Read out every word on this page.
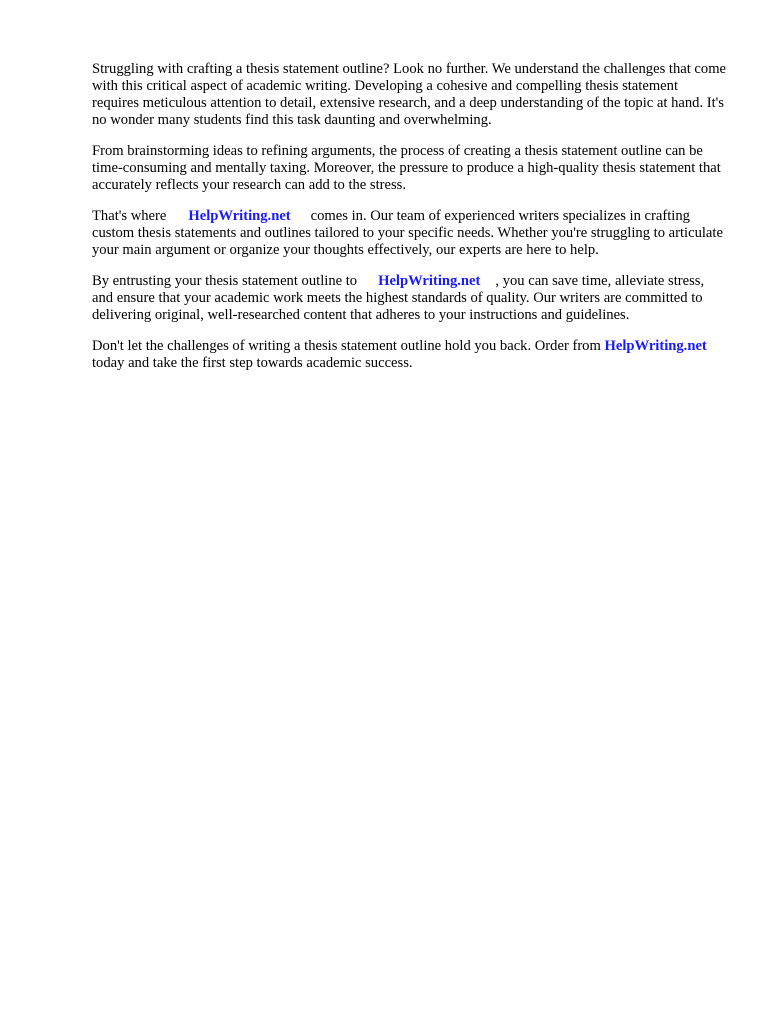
Struggling with crafting a thesis statement outline? Look no further. We understand the challenges that come with this critical aspect of academic writing. Developing a cohesive and compelling thesis statement requires meticulous attention to detail, extensive research, and a deep understanding of the topic at hand. It's no wonder many students find this task daunting and overwhelming.

From brainstorming ideas to refining arguments, the process of creating a thesis statement outline can be time-consuming and mentally taxing. Moreover, the pressure to produce a high-quality thesis statement that accurately reflects your research can add to the stress.

That's where HelpWriting.net comes in. Our team of experienced writers specializes in crafting custom thesis statements and outlines tailored to your specific needs. Whether you're struggling to articulate your main argument or organize your thoughts effectively, our experts are here to help.

By entrusting your thesis statement outline to HelpWriting.net , you can save time, alleviate stress, and ensure that your academic work meets the highest standards of quality. Our writers are committed to delivering original, well-researched content that adheres to your instructions and guidelines.

Don't let the challenges of writing a thesis statement outline hold you back. Order from HelpWriting.nettoday and take the first step towards academic success.
